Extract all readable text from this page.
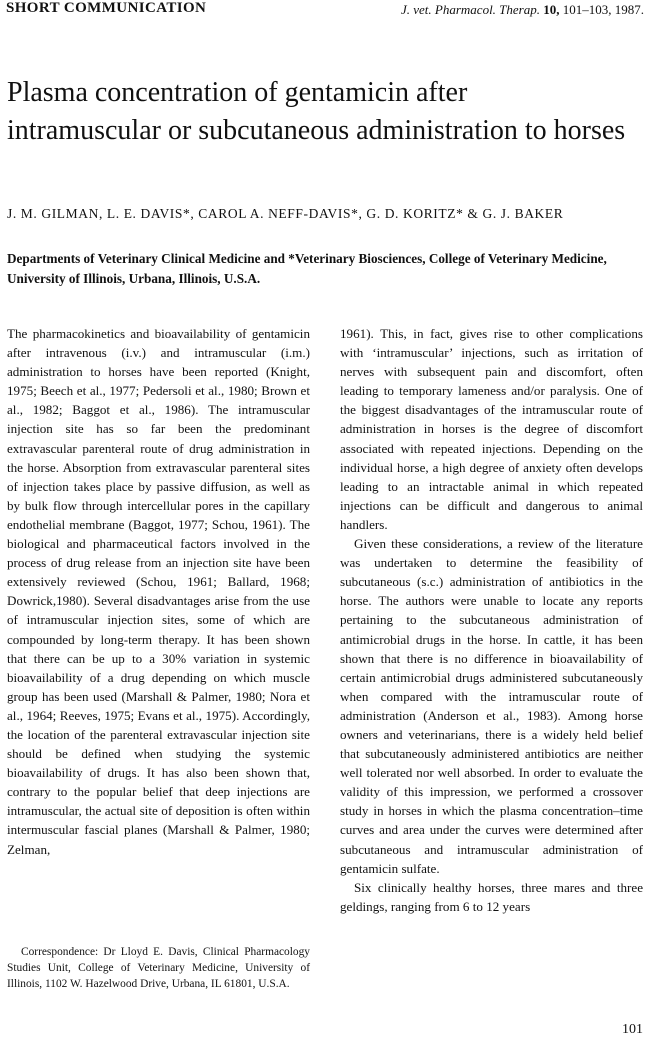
SHORT COMMUNICATION	J. vet. Pharmacol. Therap. 10, 101–103, 1987.
Plasma concentration of gentamicin after intramuscular or subcutaneous administration to horses
J. M. GILMAN, L. E. DAVIS*, CAROL A. NEFF-DAVIS*, G. D. KORITZ* & G. J. BAKER
Departments of Veterinary Clinical Medicine and *Veterinary Biosciences, College of Veterinary Medicine, University of Illinois, Urbana, Illinois, U.S.A.

The pharmacokinetics and bioavailability of gentamicin after intravenous (i.v.) and intramuscular (i.m.) administration to horses have been reported (Knight, 1975; Beech et al., 1977; Pedersoli et al., 1980; Brown et al., 1982; Baggot et al., 1986). The intramuscular injection site has so far been the predominant extravascular parenteral route of drug administration in the horse. Absorption from extravascular parenteral sites of injection takes place by passive diffusion, as well as by bulk flow through intercellular pores in the capillary endothelial membrane (Baggot, 1977; Schou, 1961). The biological and pharmaceutical factors involved in the process of drug release from an injection site have been extensively reviewed (Schou, 1961; Ballard, 1968; Dowrick,1980). Several disadvantages arise from the use of intramuscular injection sites, some of which are compounded by long-term therapy. It has been shown that there can be up to a 30% variation in systemic bioavailability of a drug depending on which muscle group has been used (Marshall & Palmer, 1980; Nora et al., 1964; Reeves, 1975; Evans et al., 1975). Accordingly, the location of the parenteral extravascular injection site should be defined when studying the systemic bioavailability of drugs. It has also been shown that, contrary to the popular belief that deep injections are intramuscular, the actual site of deposition is often within intermuscular fascial planes (Marshall & Palmer, 1980; Zelman,

1961). This, in fact, gives rise to other complications with ‘intramuscular’ injections, such as irritation of nerves with subsequent pain and discomfort, often leading to temporary lameness and/or paralysis. One of the biggest disadvantages of the intramuscular route of administration in horses is the degree of discomfort associated with repeated injections. Depending on the individual horse, a high degree of anxiety often develops leading to an intractable animal in which repeated injections can be difficult and dangerous to animal handlers.

Given these considerations, a review of the literature was undertaken to determine the feasibility of subcutaneous (s.c.) administration of antibiotics in the horse. The authors were unable to locate any reports pertaining to the subcutaneous administration of antimicrobial drugs in the horse. In cattle, it has been shown that there is no difference in bioavailability of certain antimicrobial drugs administered subcutaneously when compared with the intramuscular route of administration (Anderson et al., 1983). Among horse owners and veterinarians, there is a widely held belief that subcutaneously administered antibiotics are neither well tolerated nor well absorbed. In order to evaluate the validity of this impression, we performed a crossover study in horses in which the plasma concentration–time curves and area under the curves were determined after subcutaneous and intramuscular administration of gentamicin sulfate.

Six clinically healthy horses, three mares and three geldings, ranging from 6 to 12 years

Correspondence: Dr Lloyd E. Davis, Clinical Pharmacology Studies Unit, College of Veterinary Medicine, University of Illinois, 1102 W. Hazelwood Drive, Urbana, IL 61801, U.S.A.
101
